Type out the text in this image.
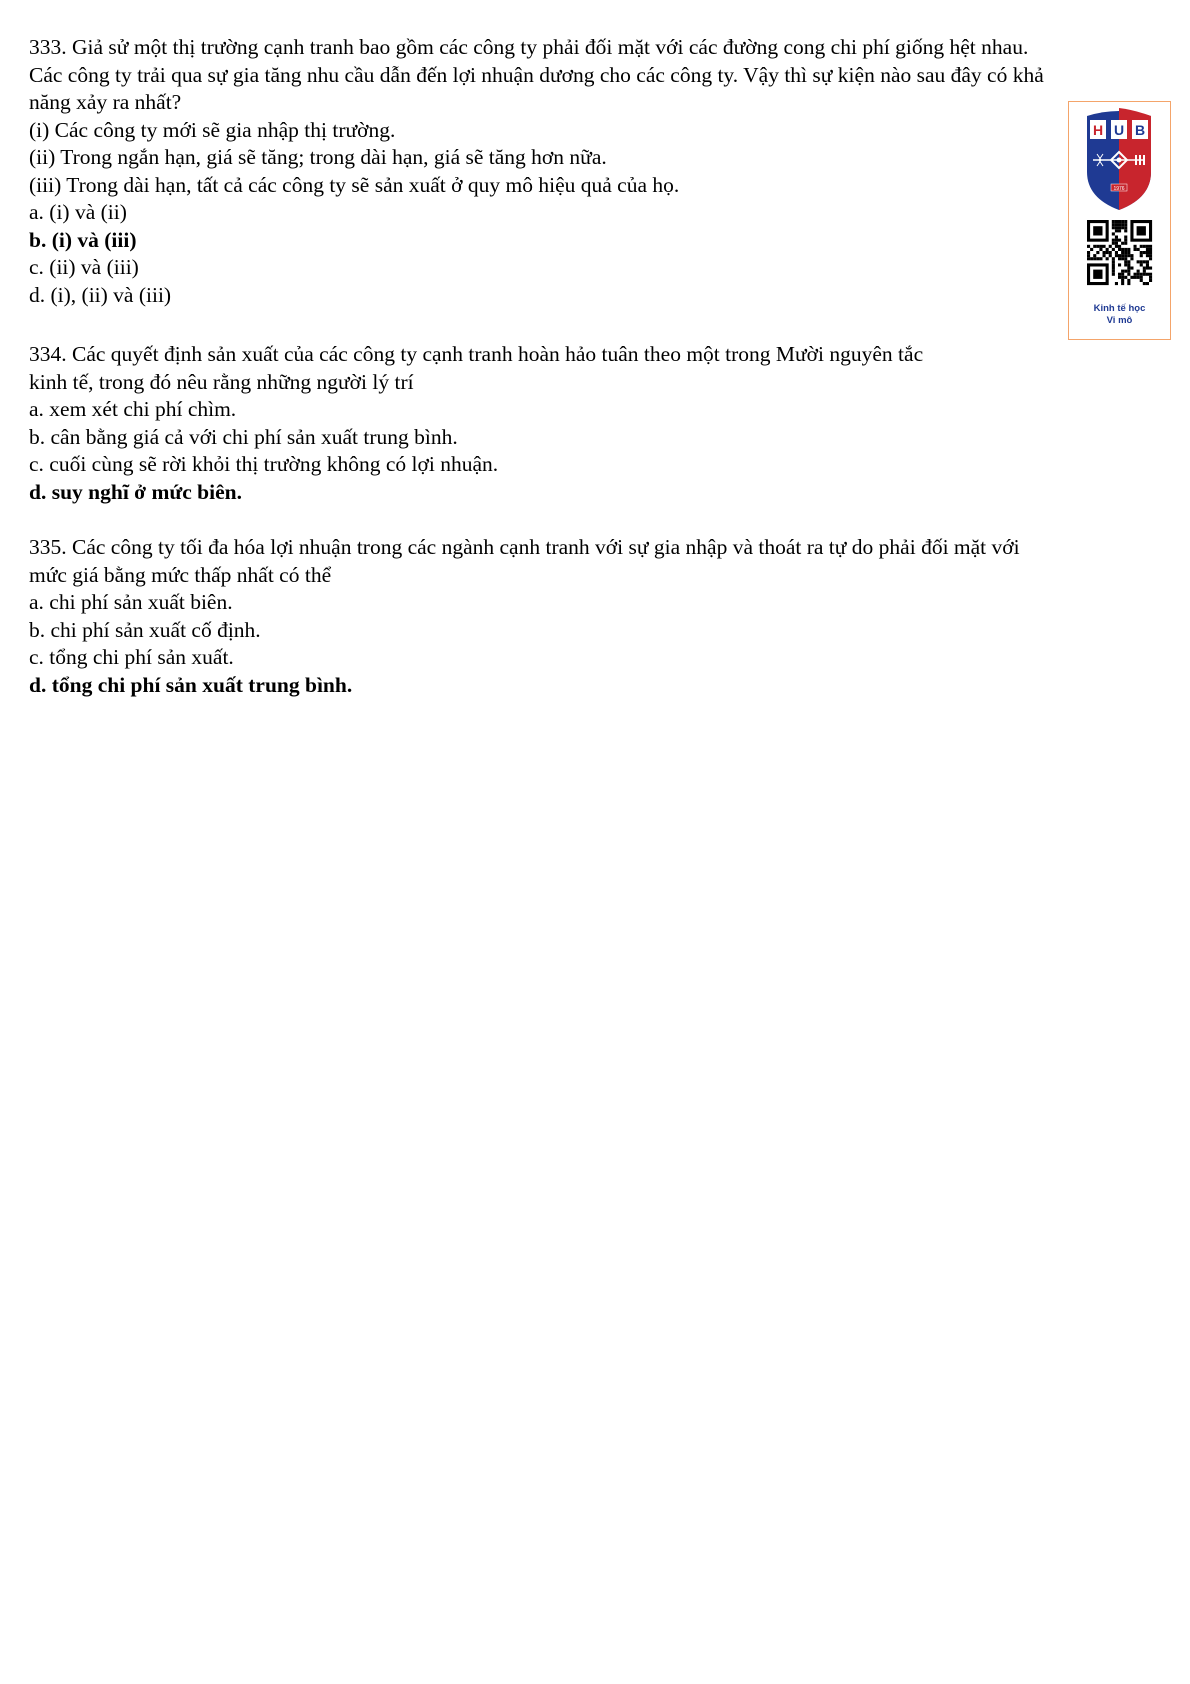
333. Giả sử một thị trường cạnh tranh bao gồm các công ty phải đối mặt với các đường cong chi phí giống hệt nhau.

Các công ty trải qua sự gia tăng nhu cầu dẫn đến lợi nhuận dương cho các công ty. Vậy thì sự kiện nào sau đây có khả

năng xảy ra nhất?

(i) Các công ty mới sẽ gia nhập thị trường.

(ii) Trong ngắn hạn, giá sẽ tăng; trong dài hạn, giá sẽ tăng hơn nữa.

(iii) Trong dài hạn, tất cả các công ty sẽ sản xuất ở quy mô hiệu quả của họ.

a. (i) và (ii)

b. (i) và (iii)

c. (ii) và (iii)

d. (i), (ii) và (iii)

334. Các quyết định sản xuất của các công ty cạnh tranh hoàn hảo tuân theo một trong Mười nguyên tắc

kinh tế, trong đó nêu rằng những người lý trí

a. xem xét chi phí chìm.

b. cân bằng giá cả với chi phí sản xuất trung bình.

c. cuối cùng sẽ rời khỏi thị trường không có lợi nhuận.

d. suy nghĩ ở mức biên.

335. Các công ty tối đa hóa lợi nhuận trong các ngành cạnh tranh với sự gia nhập và thoát ra tự do phải đối mặt với

mức giá bằng mức thấp nhất có thể

a. chi phí sản xuất biên.

b. chi phí sản xuất cố định.

c. tổng chi phí sản xuất.

d. tổng chi phí sản xuất trung bình.

H U B
1976
Kinh tế học
Vi mô
